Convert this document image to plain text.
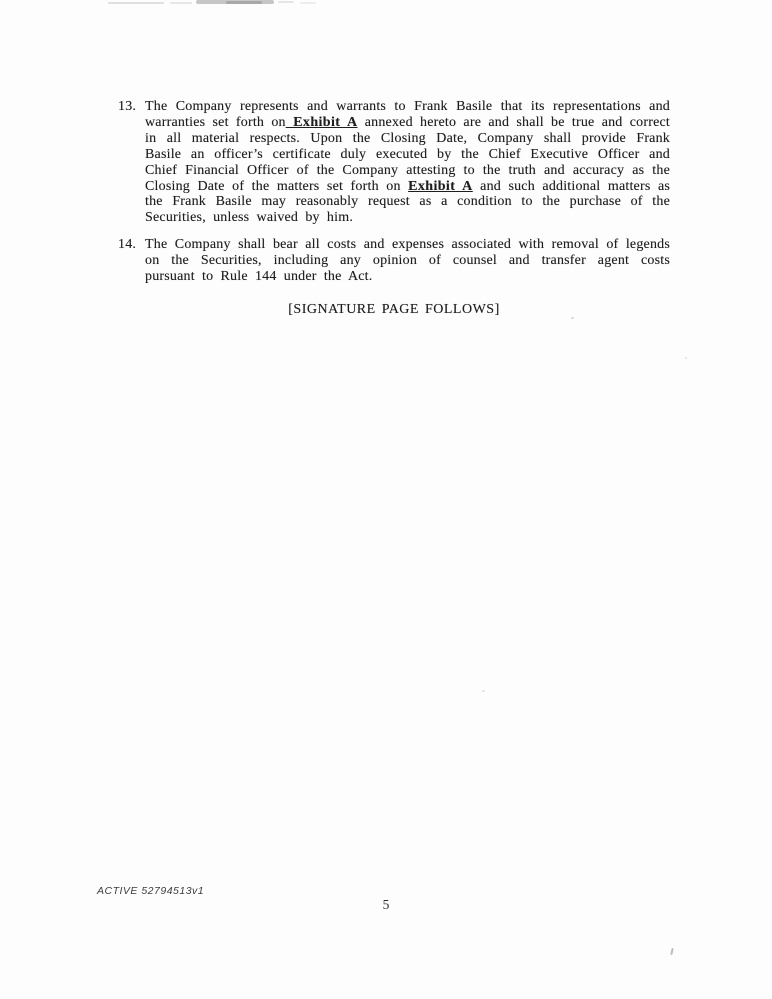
13. The Company represents and warrants to Frank Basile that its representations and warranties set forth on Exhibit A annexed hereto are and shall be true and correct in all material respects. Upon the Closing Date, Company shall provide Frank Basile an officer’s certificate duly executed by the Chief Executive Officer and Chief Financial Officer of the Company attesting to the truth and accuracy as the Closing Date of the matters set forth on Exhibit A and such additional matters as the Frank Basile may reasonably request as a condition to the purchase of the Securities, unless waived by him.
14. The Company shall bear all costs and expenses associated with removal of legends on the Securities, including any opinion of counsel and transfer agent costs pursuant to Rule 144 under the Act.
[SIGNATURE PAGE FOLLOWS]
ACTIVE 52794513v1
5
